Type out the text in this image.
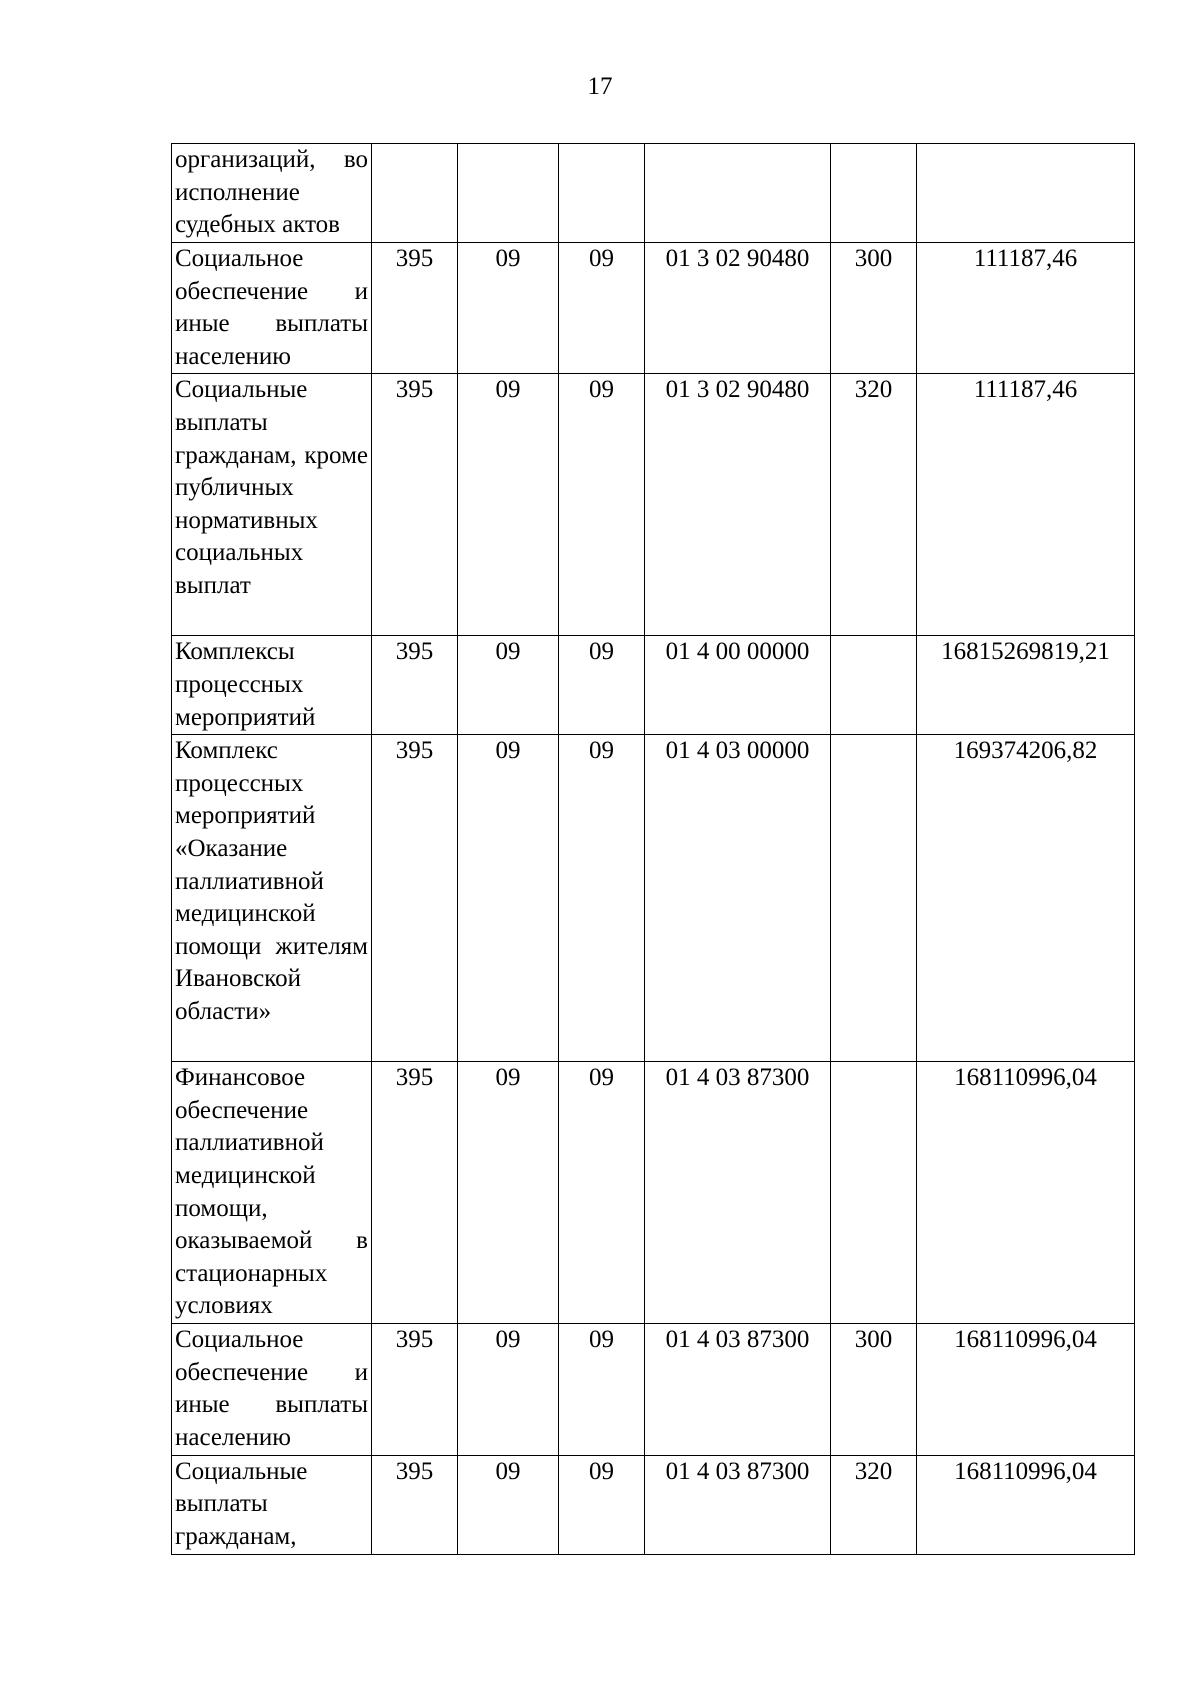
17
организаций, во исполнение судебных актов						
Социальное обеспечение и иные выплаты населению	395	09	09	01 3 02 90480	300	111187,46
Социальные выплаты гражданам, кроме публичных нормативных социальных выплат	395	09	09	01 3 02 90480	320	111187,46
Комплексы процессных мероприятий	395	09	09	01 4 00 00000		16815269819,21
Комплекс процессных мероприятий «Оказание паллиативной медицинской помощи жителям Ивановской области»	395	09	09	01 4 03 00000		169374206,82
Финансовое обеспечение паллиативной медицинской помощи, оказываемой в стационарных условиях	395	09	09	01 4 03 87300		168110996,04
Социальное обеспечение и иные выплаты населению	395	09	09	01 4 03 87300	300	168110996,04
Социальные выплаты гражданам,	395	09	09	01 4 03 87300	320	168110996,04
